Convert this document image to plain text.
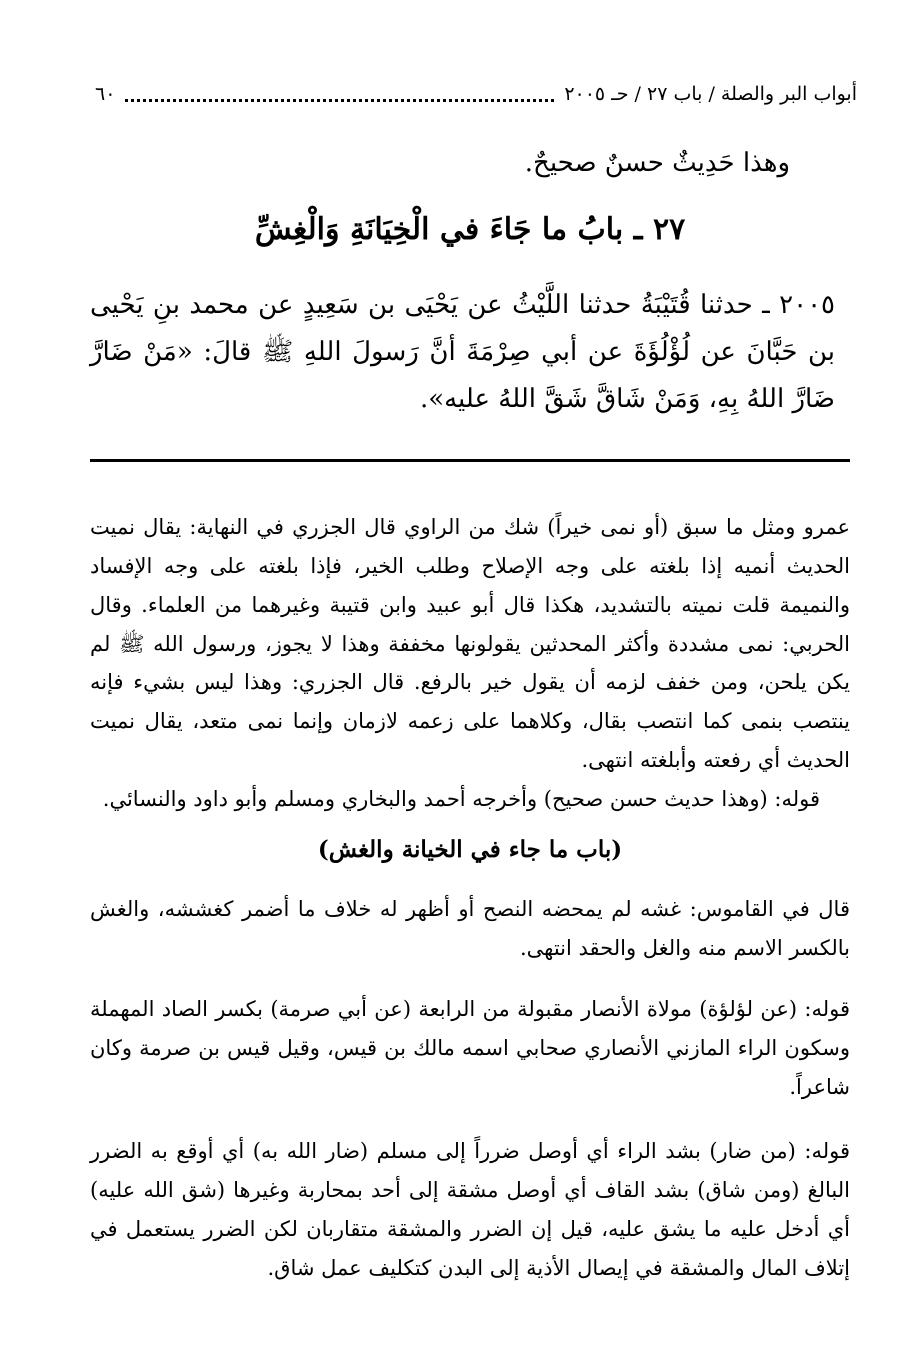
٦٠	أبواب البر والصلة / باب ٢٧ / حـ ٢٠٠٥
وهذا حَدِيثٌ حسنٌ صحيحٌ.
٢٧ ـ بابُ ما جَاءَ في الْخِيَانَةِ وَالْغِشِّ
٢٠٠٥ ـ حدثنا قُتَيْبَةُ حدثنا اللَّيْثُ عن يَحْيَى بن سَعِيدٍ عن محمد بنِ يَحْيى بن حَبَّانَ عن لُؤْلُؤَةَ عن أبي صِرْمَةَ أنَّ رَسولَ اللهِ ﷺ قالَ: «مَنْ ضَارَّ ضَارَّ اللهُ بِهِ، وَمَنْ شَاقَّ شَقَّ اللهُ عليه».
عمرو ومثل ما سبق (أو نمى خيراً) شك من الراوي قال الجزري في النهاية: يقال نميت الحديث أنميه إذا بلغته على وجه الإصلاح وطلب الخير، فإذا بلغته على وجه الإفساد والنميمة قلت نميته بالتشديد، هكذا قال أبو عبيد وابن قتيبة وغيرهما من العلماء. وقال الحربي: نمى مشددة وأكثر المحدثين يقولونها مخففة وهذا لا يجوز، ورسول الله ﷺ لم يكن يلحن، ومن خفف لزمه أن يقول خير بالرفع. قال الجزري: وهذا ليس بشيء فإنه ينتصب بنمى كما انتصب بقال، وكلاهما على زعمه لازمان وإنما نمى متعد، يقال نميت الحديث أي رفعته وأبلغته انتهى.
قوله: (وهذا حديث حسن صحيح) وأخرجه أحمد والبخاري ومسلم وأبو داود والنسائي.
(باب ما جاء في الخيانة والغش)
قال في القاموس: غشه لم يمحضه النصح أو أظهر له خلاف ما أضمر كغششه، والغش بالكسر الاسم منه والغل والحقد انتهى.
قوله: (عن لؤلؤة) مولاة الأنصار مقبولة من الرابعة (عن أبي صرمة) بكسر الصاد المهملة وسكون الراء المازني الأنصاري صحابي اسمه مالك بن قيس، وقيل قيس بن صرمة وكان شاعراً.
قوله: (من ضار) بشد الراء أي أوصل ضرراً إلى مسلم (ضار الله به) أي أوقع به الضرر البالغ (ومن شاق) بشد القاف أي أوصل مشقة إلى أحد بمحاربة وغيرها (شق الله عليه) أي أدخل عليه ما يشق عليه، قيل إن الضرر والمشقة متقاربان لكن الضرر يستعمل في إتلاف المال والمشقة في إيصال الأذية إلى البدن كتكليف عمل شاق.
